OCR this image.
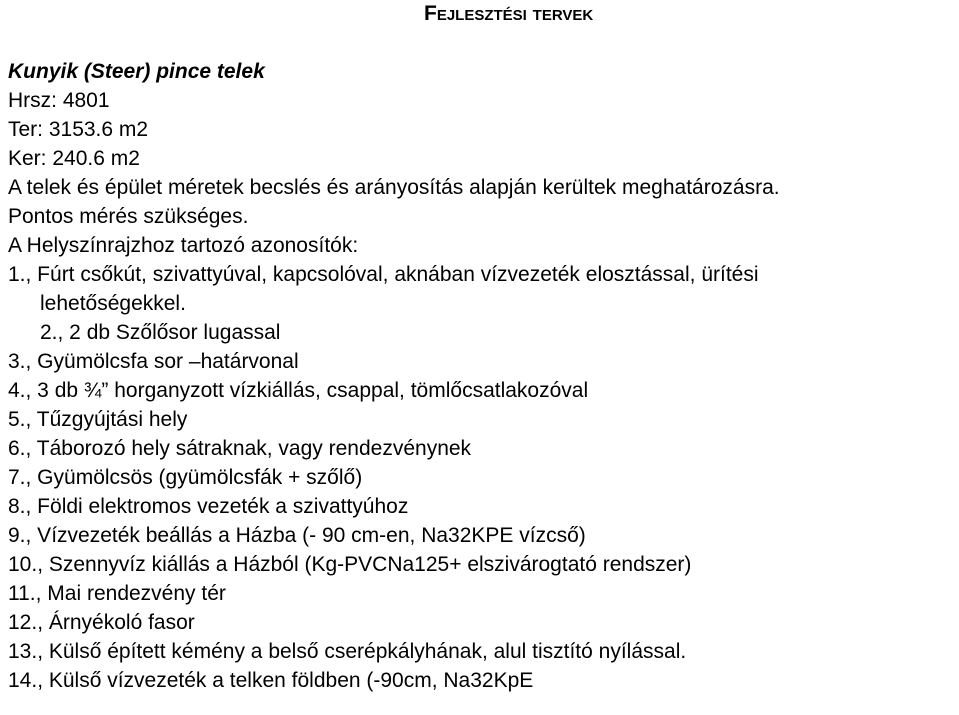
Fejlesztési tervek
Kunyik (Steer) pince telek
Hrsz: 4801
Ter: 3153.6 m2
Ker: 240.6 m2
A telek és épület méretek becslés és arányosítás alapján kerültek meghatározásra.
Pontos mérés szükséges.
A Helyszínrajzhoz tartozó azonosítók:
1., Fúrt csőkút, szivattyúval, kapcsolóval, aknában vízvezeték elosztással, ürítési
lehetőségekkel.
2., 2 db Szőlősor lugassal
3., Gyümölcsfa sor –határvonal
4., 3 db ¾” horganyzott vízkiállás, csappal, tömlőcsatlakozóval
5., Tűzgyújtási hely
6., Táborozó hely sátraknak, vagy rendezvénynek
7., Gyümölcsös (gyümölcsfák + szőlő)
8., Földi elektromos vezeték a szivattyúhoz
9., Vízvezeték beállás a Házba (- 90 cm-en, Na32KPE vízcső)
10., Szennyvíz kiállás a Házból (Kg-PVCNa125+ elszivárogtató rendszer)
11., Mai rendezvény tér
12., Árnyékoló fasor
13., Külső épített kémény a belső cserépkályhának, alul tisztító nyílással.
14., Külső vízvezeték a telken földben (-90cm, Na32KpE
